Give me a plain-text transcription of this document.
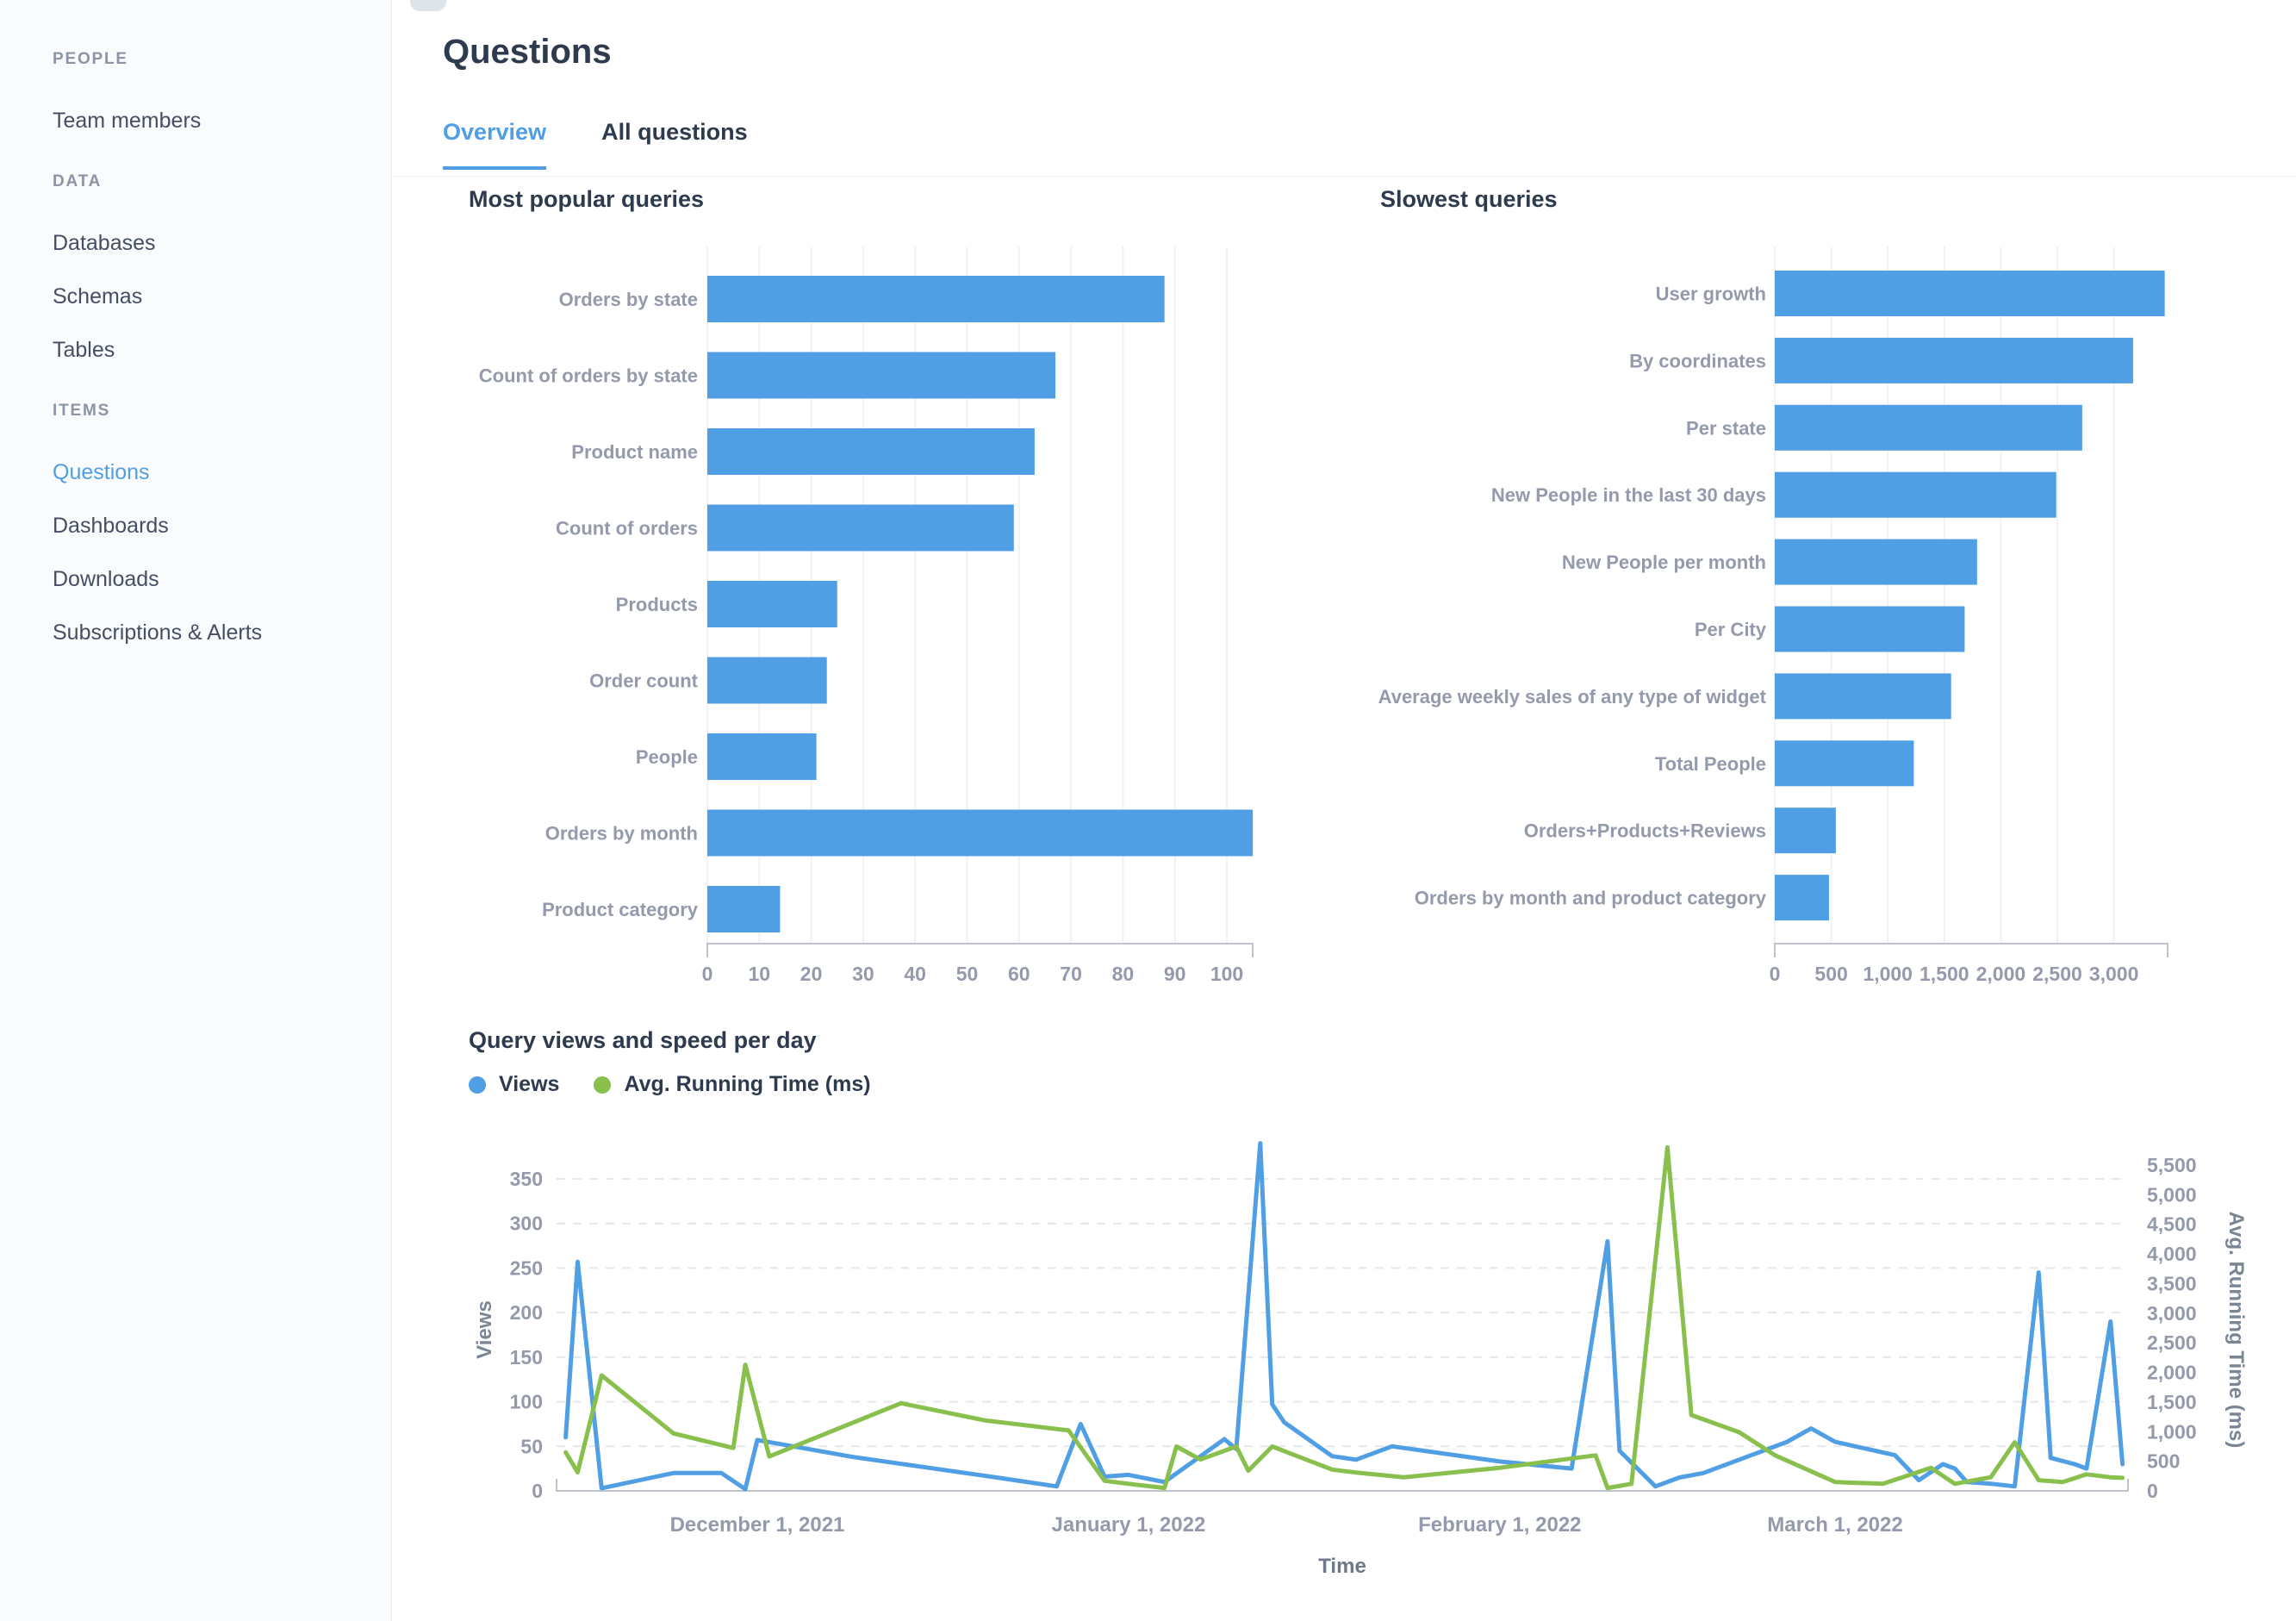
PEOPLE
Team members
DATA
Databases
Schemas
Tables
ITEMS
Questions
Dashboards
Downloads
Subscriptions & Alerts
Questions
Overview All questions
Most popular queries	Slowest queries
Query views and speed per day
Views	Avg. Running Time (ms)
Orders by state
Count of orders by state
Product name
Count of orders
Products
Order count
People
Orders by month
Product category
0 10 20 30 40 50 60 70 80 90 100
User growth
By coordinates
Per state
New People in the last 30 days
New People per month
Per City
Average weekly sales of any type of widget
Total People
Orders+Products+Reviews
Orders by month and product category
0 500 1,000 1,500 2,000 2,500 3,000
0
50
100
150
200
250
300
350
0
500
1,000
1,500
2,000
2,500
3,000
3,500
4,000
4,500
5,000
5,500
December 1, 2021	January 1, 2022	February 1, 2022	March 1, 2022
Views	Avg. Running Time (ms)
Time
